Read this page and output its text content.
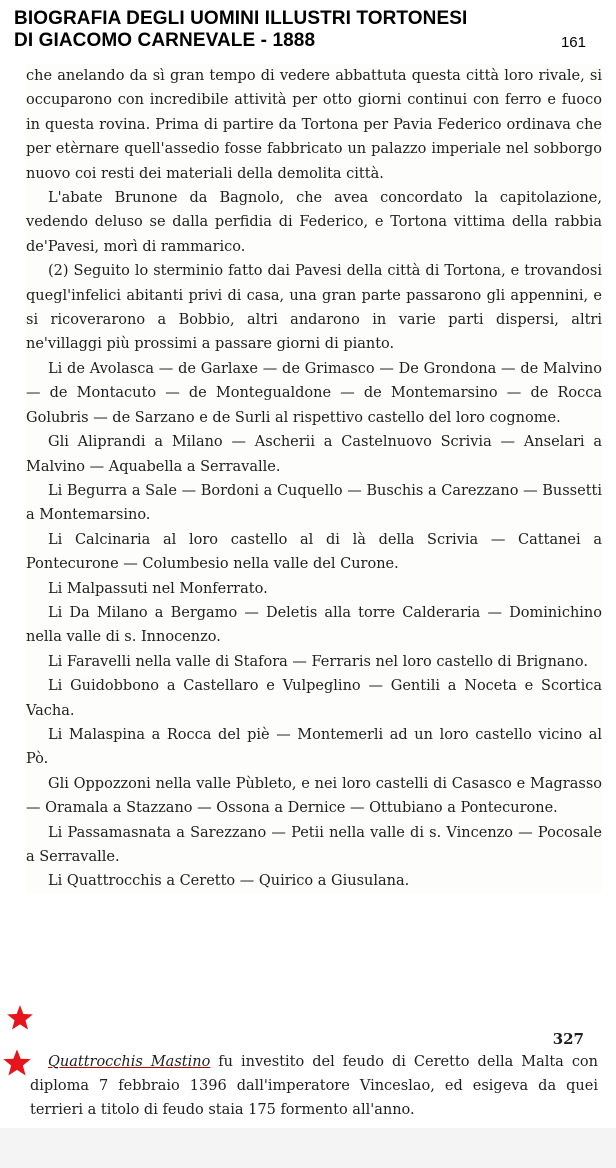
BIOGRAFIA DEGLI UOMINI ILLUSTRI TORTONESI
DI GIACOMO CARNEVALE - 1888	161

che anelando da sì gran tempo di vedere abbattuta questa città loro rivale, si occuparono con incredibile attività per otto giorni continui con ferro e fuoco in questa rovina. Prima di partire da Tortona per Pavia Federico ordinava che per etèrnare quell'assedio fosse fabbricato un palazzo imperiale nel sobborgo nuovo coi resti dei materiali della demolita città.

L'abate Brunone da Bagnolo, che avea concordato la capitolazione, vedendo deluso se dalla perfidia di Federico, e Tortona vittima della rabbia de'Pavesi, morì di rammarico.

(2) Seguito lo sterminio fatto dai Pavesi della città di Tortona, e trovandosi quegl'infelici abitanti privi di casa, una gran parte passarono gli appennini, e si ricoverarono a Bobbio, altri andarono in varie parti dispersi, altri ne'villaggi più prossimi a passare giorni di pianto.

Li de Avolasca — de Garlaxe — de Grimasco — De Grondona — de Malvino — de Montacuto — de Montegualdone — de Montemarsino — de Rocca Golubris — de Sarzano e de Surli al rispettivo castello del loro cognome.

Gli Aliprandi a Milano — Ascherii a Castelnuovo Scrivia — Anselari a Malvino — Aquabella a Serravalle.

Li Begurra a Sale — Bordoni a Cuquello — Buschis a Carezzano — Bussetti a Montemarsino.

Li Calcinaria al loro castello al di là della Scrivia — Cattanei a Pontecurone — Columbesio nella valle del Curone.

Li Malpassuti nel Monferrato.

Li Da Milano a Bergamo — Deletis alla torre Calderaria — Dominichino nella valle di s. Innocenzo.

Li Faravelli nella valle di Stafora — Ferraris nel loro castello di Brignano.

Li Guidobbono a Castellaro e Vulpeglino — Gentili a Noceta e Scortica Vacha.

Li Malaspina a Rocca del piè — Montemerli ad un loro castello vicino al Pò.

Gli Oppozzoni nella valle Pùbleto, e nei loro castelli di Casasco e Magrasso — Oramala a Stazzano — Ossona a Dernice — Ottubiano a Pontecurone.

Li Passamasnata a Sarezzano — Petii nella valle di s. Vincenzo — Pocosale a Serravalle.

Li Quattrocchis a Ceretto — Quirico a Giusulana.

327
Quattrocchis Mastino fu investito del feudo di Ceretto della Malta con diploma 7 febbraio 1396 dall'imperatore Vinceslao, ed esigeva da quei terrieri a titolo di feudo staia 175 formento all'anno.
